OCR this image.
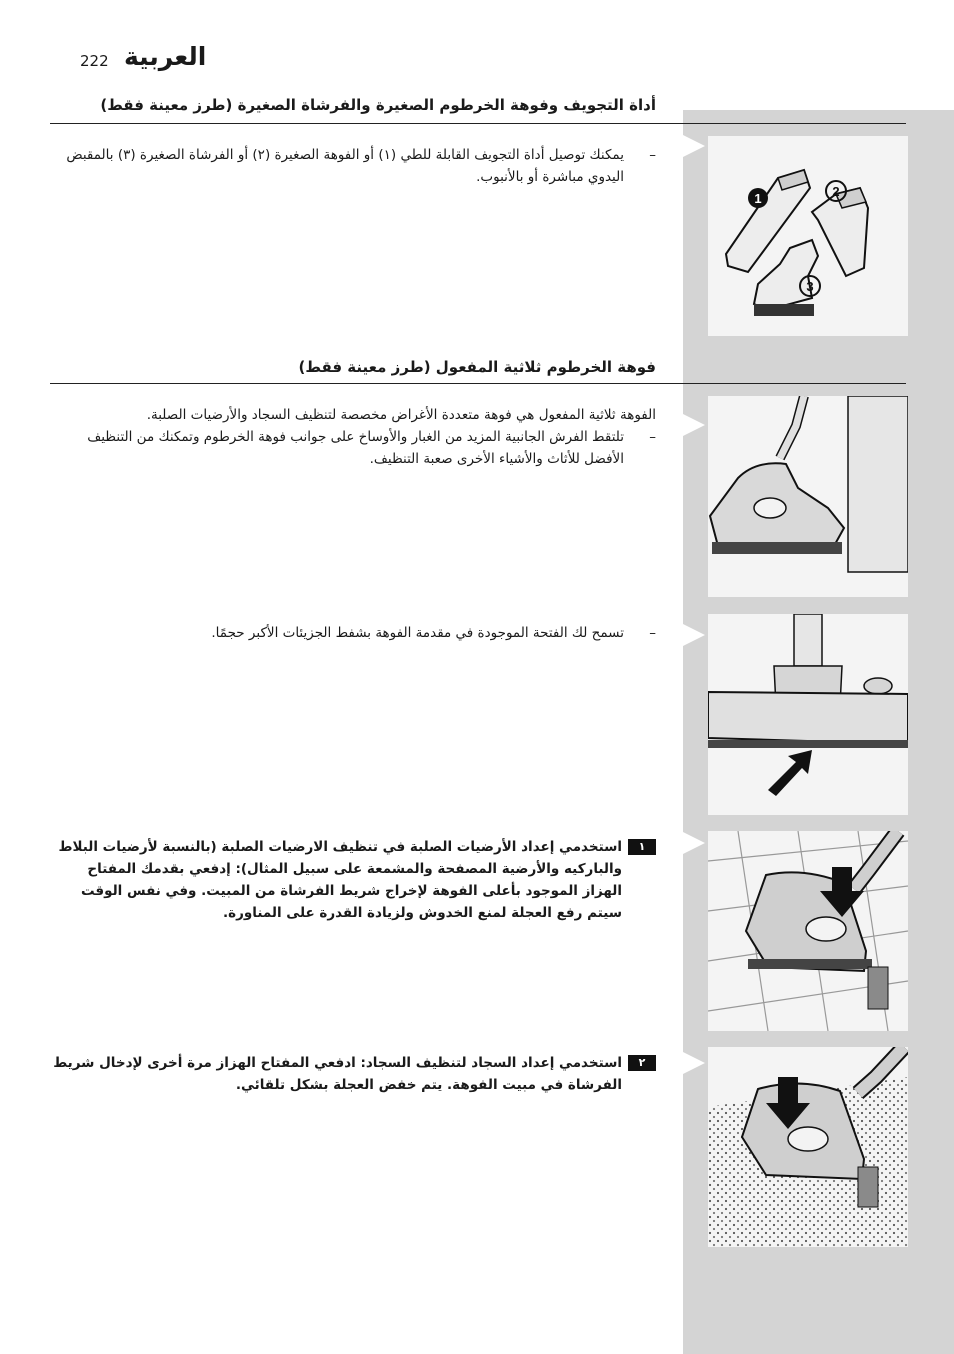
222 العربية
أداة التجويف وفوهة الخرطوم الصغيرة والفرشاة الصغيرة (طرز معينة فقط)
–
يمكنك توصيل أداة التجويف القابلة للطي (١) أو الفوهة الصغيرة (٢) أو الفرشاة الصغيرة (٣) بالمقبض اليدوي مباشرة أو بالأنبوب.
1	2
3
فوهة الخرطوم ثلاثية المفعول (طرز معينة فقط)
الفوهة ثلاثية المفعول هي فوهة متعددة الأغراض مخصصة لتنظيف السجاد والأرضيات الصلبة.
–
تلتقط الفرش الجانبية المزيد من الغبار والأوساخ على جوانب فوهة الخرطوم وتمكنك من التنظيف الأفضل للأثاث والأشياء الأخرى صعبة التنظيف.
–
تسمح لك الفتحة الموجودة في مقدمة الفوهة بشفط الجزيئات الأكبر حجمًا.
١
استخدمي إعداد الأرضيات الصلبة في تنظيف الارضيات الصلبة (بالنسبة لأرضيات البلاط والباركيه والأرضية المصفحة والمشمعة على سبيل المثال): إدفعي بقدمك المفتاح الهزاز الموجود بأعلى الفوهة لإخراج شريط الفرشاة من المبيت. وفي نفس الوقت سيتم رفع العجلة لمنع الخدوش ولزيادة القدرة على المناورة.
٢
استخدمي إعداد السجاد لتنظيف السجاد: ادفعي المفتاح الهزاز مرة أخرى لإدخال شريط الفرشاة في مبيت الفوهة. يتم خفض العجلة بشكل تلقائي.
